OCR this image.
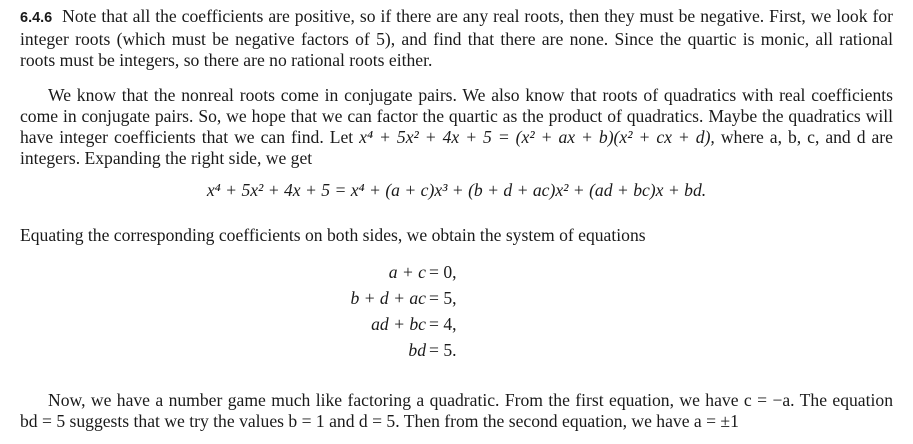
6.4.6 Note that all the coefficients are positive, so if there are any real roots, then they must be negative. First, we look for integer roots (which must be negative factors of 5), and find that there are none. Since the quartic is monic, all rational roots must be integers, so there are no rational roots either.

We know that the nonreal roots come in conjugate pairs. We also know that roots of quadratics with real coefficients come in conjugate pairs. So, we hope that we can factor the quartic as the product of quadratics. Maybe the quadratics will have integer coefficients that we can find. Let x⁴ + 5x² + 4x + 5 = (x² + ax + b)(x² + cx + d), where a, b, c, and d are integers. Expanding the right side, we get

x⁴ + 5x² + 4x + 5 = x⁴ + (a + c)x³ + (b + d + ac)x² + (ad + bc)x + bd.

Equating the corresponding coefficients on both sides, we obtain the system of equations

a + c = 0,
b + d + ac = 5,
ad + bc = 4,
bd = 5.

Now, we have a number game much like factoring a quadratic. From the first equation, we have c = −a. The equation bd = 5 suggests that we try the values b = 1 and d = 5. Then from the second equation, we have a = ±1
